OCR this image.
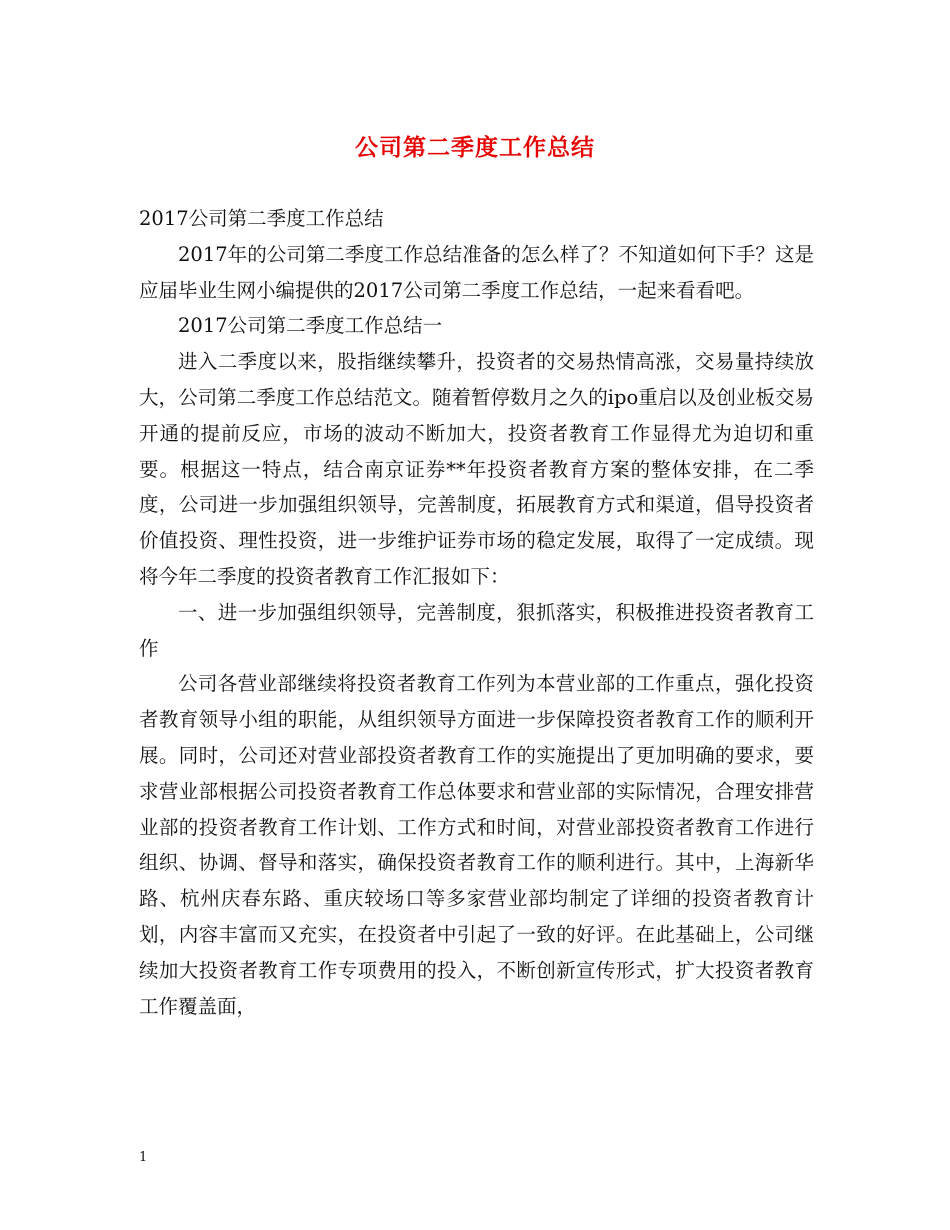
公司第二季度工作总结

2017公司第二季度工作总结

2017年的公司第二季度工作总结准备的怎么样了？不知道如何下手？这是应届毕业生网小编提供的2017公司第二季度工作总结，一起来看看吧。

2017公司第二季度工作总结一

进入二季度以来，股指继续攀升，投资者的交易热情高涨，交易量持续放大，公司第二季度工作总结范文。随着暂停数月之久的ipo重启以及创业板交易开通的提前反应，市场的波动不断加大，投资者教育工作显得尤为迫切和重要。根据这一特点，结合南京证券**年投资者教育方案的整体安排，在二季度，公司进一步加强组织领导，完善制度，拓展教育方式和渠道，倡导投资者价值投资、理性投资，进一步维护证券市场的稳定发展，取得了一定成绩。现将今年二季度的投资者教育工作汇报如下：

一、进一步加强组织领导，完善制度，狠抓落实，积极推进投资者教育工作

公司各营业部继续将投资者教育工作列为本营业部的工作重点，强化投资者教育领导小组的职能，从组织领导方面进一步保障投资者教育工作的顺利开展。同时，公司还对营业部投资者教育工作的实施提出了更加明确的要求，要求营业部根据公司投资者教育工作总体要求和营业部的实际情况，合理安排营业部的投资者教育工作计划、工作方式和时间，对营业部投资者教育工作进行组织、协调、督导和落实，确保投资者教育工作的顺利进行。其中，上海新华路、杭州庆春东路、重庆较场口等多家营业部均制定了详细的投资者教育计划，内容丰富而又充实，在投资者中引起了一致的好评。在此基础上，公司继续加大投资者教育工作专项费用的投入，不断创新宣传形式，扩大投资者教育工作覆盖面，

1
